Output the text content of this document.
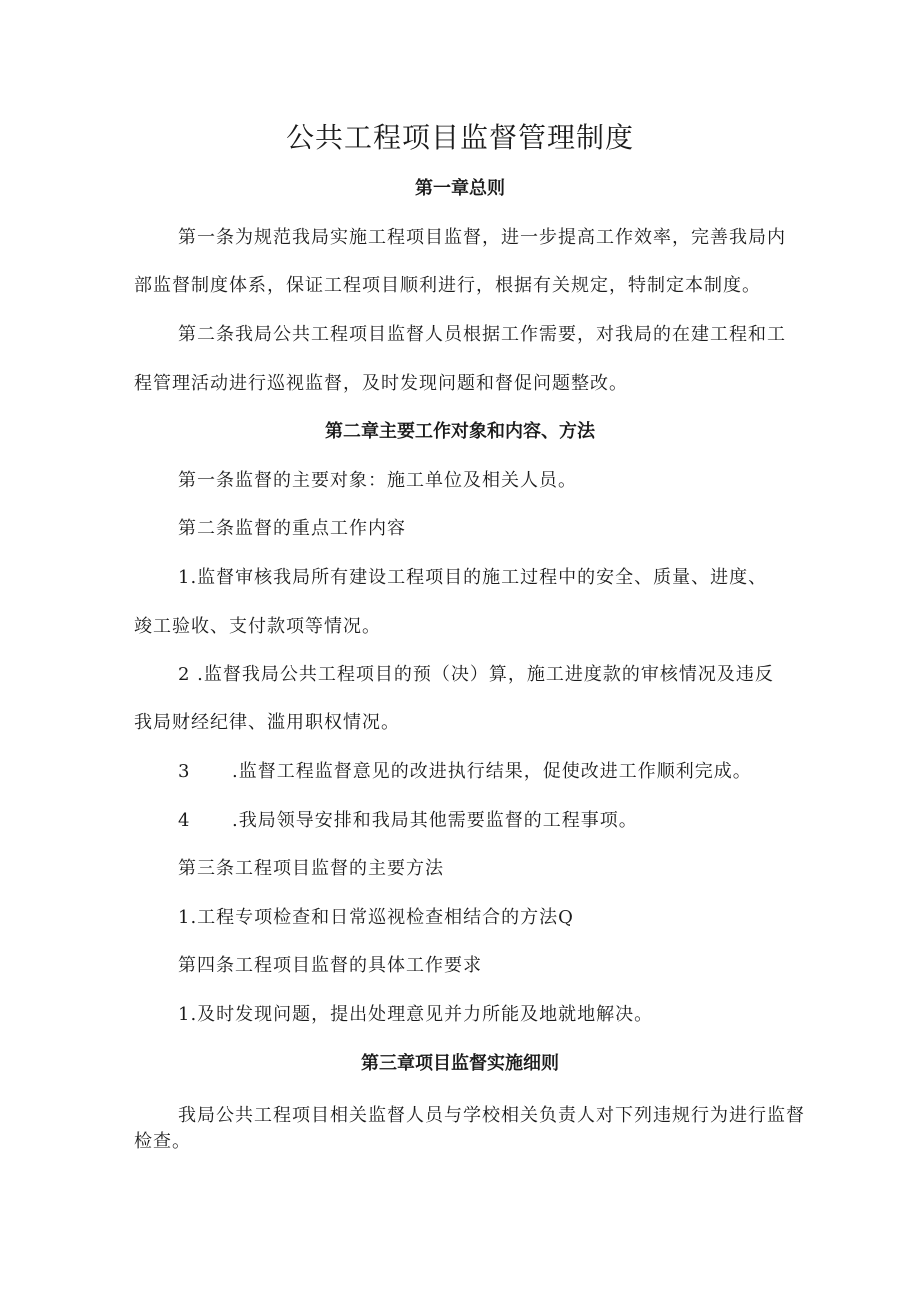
公共工程项目监督管理制度
第一章总则
第一条为规范我局实施工程项目监督，进一步提高工作效率，完善我局内
部监督制度体系，保证工程项目顺利进行，根据有关规定，特制定本制度。
第二条我局公共工程项目监督人员根据工作需要，对我局的在建工程和工
程管理活动进行巡视监督，及时发现问题和督促问题整改。
第二章主要工作对象和内容、方法
第一条监督的主要对象：施工单位及相关人员。
第二条监督的重点工作内容
1.监督审核我局所有建设工程项目的施工过程中的安全、质量、进度、
竣工验收、支付款项等情况。
2 .监督我局公共工程项目的预（决）算，施工进度款的审核情况及违反
我局财经纪律、滥用职权情况。
3 .监督工程监督意见的改进执行结果，促使改进工作顺利完成。
4 .我局领导安排和我局其他需要监督的工程事项。
第三条工程项目监督的主要方法
1.工程专项检查和日常巡视检查相结合的方法Q
第四条工程项目监督的具体工作要求
1.及时发现问题，提出处理意见并力所能及地就地解决。
第三章项目监督实施细则
我局公共工程项目相关监督人员与学校相关负责人对下列违规行为进行监督检查。
